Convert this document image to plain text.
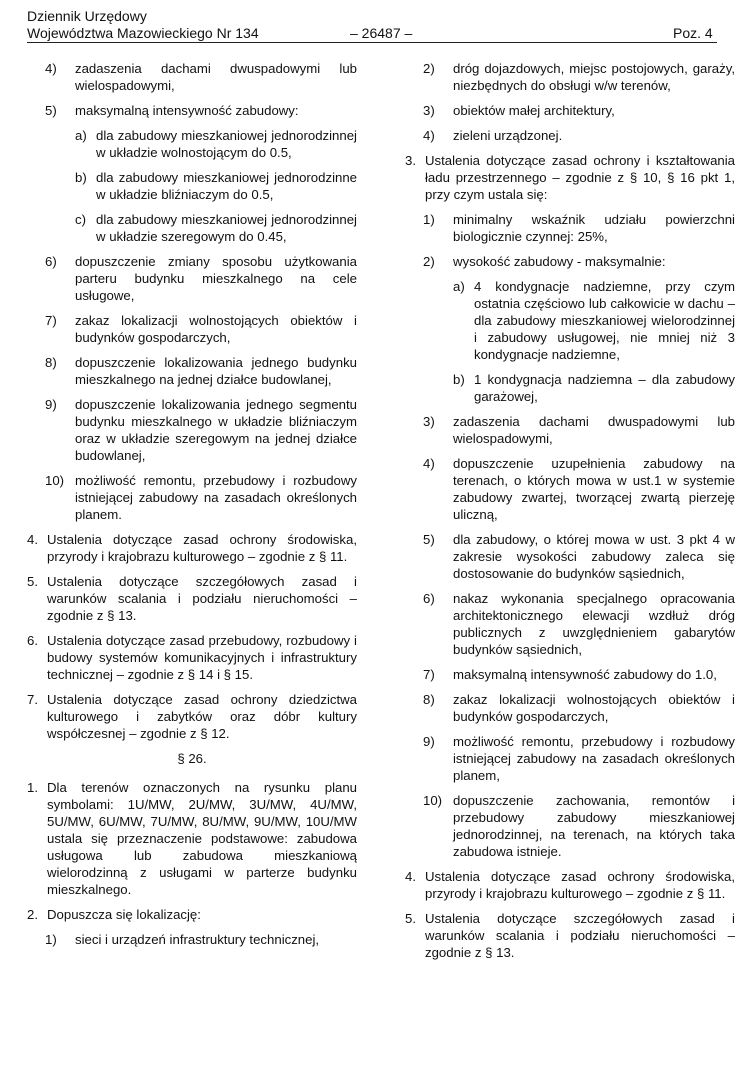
Dziennik Urzędowy
Województwa Mazowieckiego Nr 134	– 26487 –	Poz. 4
4)	zadaszenia dachami dwuspadowymi lub wielospadowymi,
5)	maksymalną intensywność zabudowy:
a) dla zabudowy mieszkaniowej jednorodzinnej w układzie wolnostojącym do 0.5,
b) dla zabudowy mieszkaniowej jednorodzinne w układzie bliźniaczym do 0.5,
c) dla zabudowy mieszkaniowej jednorodzinnej w układzie szeregowym do 0.45,
6)	dopuszczenie zmiany sposobu użytkowania parteru budynku mieszkalnego na cele usługowe,
7)	zakaz lokalizacji wolnostojących obiektów i budynków gospodarczych,
8)	dopuszczenie lokalizowania jednego budynku mieszkalnego na jednej działce budowlanej,
9)	dopuszczenie lokalizowania jednego segmentu budynku mieszkalnego w układzie bliźniaczym oraz w układzie szeregowym na jednej działce budowlanej,
10) możliwość remontu, przebudowy i rozbudowy istniejącej zabudowy na zasadach określonych planem.
4. Ustalenia dotyczące zasad ochrony środowiska, przyrody i krajobrazu kulturowego – zgodnie z § 11.
5. Ustalenia dotyczące szczegółowych zasad i warunków scalania i podziału nieruchomości – zgodnie z § 13.
6. Ustalenia dotyczące zasad przebudowy, rozbudowy i budowy systemów komunikacyjnych i infrastruktury technicznej – zgodnie z § 14 i § 15.
7. Ustalenia dotyczące zasad ochrony dziedzictwa kulturowego i zabytków oraz dóbr kultury współczesnej – zgodnie z § 12.
§ 26.
1. Dla terenów oznaczonych na rysunku planu symbolami: 1U/MW, 2U/MW, 3U/MW, 4U/MW, 5U/MW, 6U/MW, 7U/MW, 8U/MW, 9U/MW, 10U/MW ustala się przeznaczenie podstawowe: zabudowa usługowa lub zabudowa mieszkaniową wielorodzinną z usługami w parterze budynku mieszkalnego.
2. Dopuszcza się lokalizację:
1)	sieci i urządzeń infrastruktury technicznej,
2)	dróg dojazdowych, miejsc postojowych, garaży, niezbędnych do obsługi w/w terenów,
3)	obiektów małej architektury,
4)	zieleni urządzonej.
3. Ustalenia dotyczące zasad ochrony i kształtowania ładu przestrzennego – zgodnie z § 10, § 16 pkt 1, przy czym ustala się:
1)	minimalny wskaźnik udziału powierzchni biologicznie czynnej: 25%,
2)	wysokość zabudowy - maksymalnie:
a) 4 kondygnacje nadziemne, przy czym ostatnia częściowo lub całkowicie w dachu – dla zabudowy mieszkaniowej wielorodzinnej i zabudowy usługowej, nie mniej niż 3 kondygnacje nadziemne,
b) 1 kondygnacja nadziemna – dla zabudowy garażowej,
3)	zadaszenia dachami dwuspadowymi lub wielospadowymi,
4)	dopuszczenie uzupełnienia zabudowy na terenach, o których mowa w ust.1 w systemie zabudowy zwartej, tworzącej zwartą pierzeję uliczną,
5)	dla zabudowy, o której mowa w ust. 3 pkt 4 w zakresie wysokości zabudowy zaleca się dostosowanie do budynków sąsiednich,
6)	nakaz wykonania specjalnego opracowania architektonicznego elewacji wzdłuż dróg publicznych z uwzględnieniem gabarytów budynków sąsiednich,
7)	maksymalną intensywność zabudowy do 1.0,
8)	zakaz lokalizacji wolnostojących obiektów i budynków gospodarczych,
9)	możliwość remontu, przebudowy i rozbudowy istniejącej zabudowy na zasadach określonych planem,
10) dopuszczenie zachowania, remontów i przebudowy zabudowy mieszkaniowej jednorodzinnej, na terenach, na których taka zabudowa istnieje.
4. Ustalenia dotyczące zasad ochrony środowiska, przyrody i krajobrazu kulturowego – zgodnie z § 11.
5. Ustalenia dotyczące szczegółowych zasad i warunków scalania i podziału nieruchomości – zgodnie z § 13.
